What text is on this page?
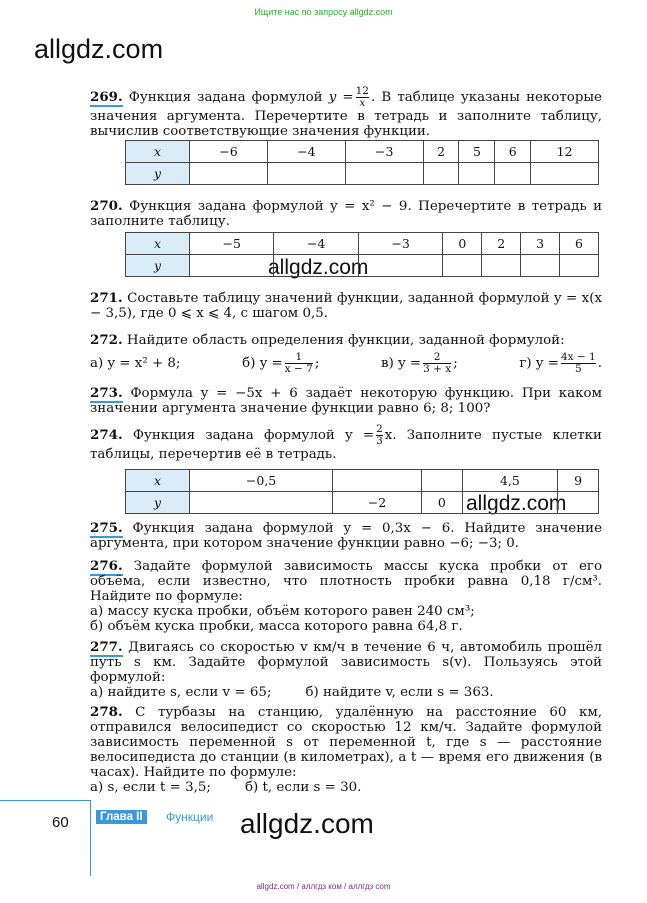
Ищите нас по запросу allgdz.com
allgdz.com
allgdz.com
allgdz.com

269. Функция задана формулой $y = \frac{12}{x}$ . В таблице указаны некоторые значения аргумента. Перечертите в тетрадь и заполните таблицу, вычислив соответствующие значения функции.

x	−6	−4	−3	2	5	6	12
y							

270. Функция задана формулой y = x² − 9. Перечертите в тетрадь и заполните таблицу.

x	−5	−4	−3	0	2	3	6
y							

271. Составьте таблицу значений функции, заданной формулой y = x(x − 3,5), где 0 ⩽ x ⩽ 4, с шагом 0,5.

272. Найдите область определения функции, заданной формулой:

а) y = x² + 8;	б) $y = \frac{1}{x - 7}$ ;	в) $y = \frac{2}{3 + x}$ ;	г) $y = \frac{4x - 1}{5}$ .

273. Формула y = −5x + 6 задаёт некоторую функцию. При каком значении аргумента значение функции равно 6; 8; 100?

274. Функция задана формулой $y = \frac{2}{3} x$. Заполните пустые клетки таблицы, перечертив её в тетрадь.

x	−0,5			4,5	9
y		−2	0		

275. Функция задана формулой y = 0,3x − 6. Найдите значение аргумента, при котором значение функции равно −6; −3; 0.

276. Задайте формулой зависимость массы куска пробки от его объёма, если известно, что плотность пробки равна 0,18 г/см³. Найдите по формуле:

а) массу куска пробки, объём которого равен 240 см³;

б) объём куска пробки, масса которого равна 64,8 г.

277. Двигаясь со скоростью v км/ч в течение 6 ч, автомобиль прошёл путь s км. Задайте формулой зависимость s(v). Пользуясь этой формулой:

а) найдите s, если v = 65;	б) найдите v, если s = 363.

278. С турбазы на станцию, удалённую на расстояние 60 км, отправился велосипедист со скоростью 12 км/ч. Задайте формулой зависимость переменной s от переменной t, где s — расстояние велосипедиста до станции (в километрах), а t — время его движения (в часах). Найдите по формуле:

а) s, если t = 3,5;	б) t, если s = 30.

60	Глава II	Функции allgdz.com
allgdz.com / аллгдз ком / аллгдз com
